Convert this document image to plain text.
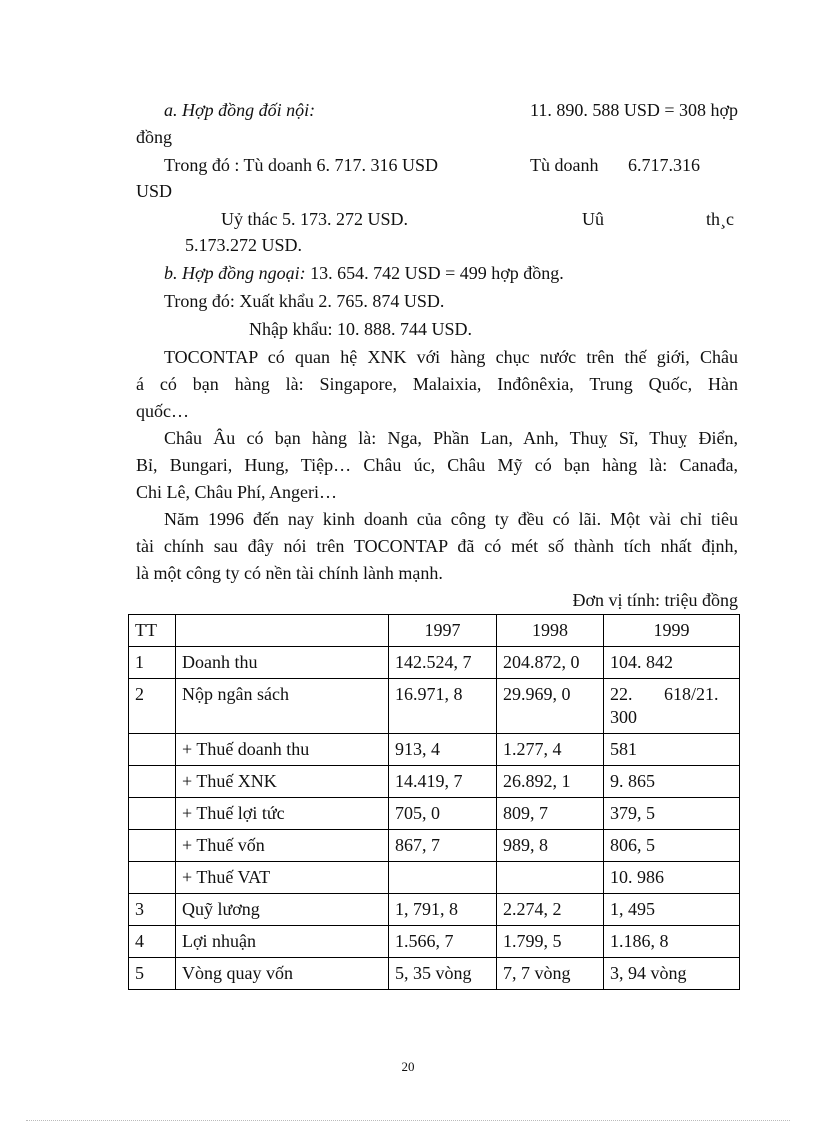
a. Hợp đồng đối nội:	11. 890. 588 USD = 308 hợp
đồng
Trong đó : Tù doanh 6. 717. 316 USD	Tù doanh 6.717.316
USD
Uỷ thác 5. 173. 272 USD.	Uû	th¸c
5.173.272 USD.
b. Hợp đồng ngoại: 13. 654. 742 USD = 499 hợp đồng.
Trong đó: Xuất khẩu 2. 765. 874 USD.
Nhập khẩu: 10. 888. 744 USD.
TOCONTAP có quan hệ XNK với hàng chục nước trên thế giới, Châu
á có bạn hàng là: Singapore, Malaixia, Inđônêxia, Trung Quốc, Hàn
quốc…
Châu Âu có bạn hàng là: Nga, Phần Lan, Anh, Thuỵ Sĩ, Thuỵ Điển,
Bỉ, Bungari, Hung, Tiệp… Châu úc, Châu Mỹ có bạn hàng là: Canađa,
Chi Lê, Châu Phí, Angeri…
Năm 1996 đến nay kinh doanh của công ty đều có lãi. Một vài chỉ tiêu
tài chính sau đây nói trên TOCONTAP đã có mét số thành tích nhất định,
là một công ty có nền tài chính lành mạnh.
Đơn vị tính: triệu đồng
TT		1997	1998	1999
1	Doanh thu	142.524, 7	204.872, 0	104. 842
2	Nộp ngân sách	16.971, 8	29.969, 0	22.       618/21.
300
	+ Thuế doanh thu	913, 4	1.277, 4	581
	+ Thuế XNK	14.419, 7	26.892, 1	9. 865
	+ Thuế lợi tức	705, 0	809, 7	379, 5
	+ Thuế vốn	867, 7	989, 8	806, 5
	+ Thuế VAT			10. 986
3	Quỹ lương	1, 791, 8	2.274, 2	1, 495
4	Lợi nhuận	1.566, 7	1.799, 5	1.186, 8
5	Vòng quay vốn	5, 35 vòng	7, 7 vòng	3, 94 vòng
20
